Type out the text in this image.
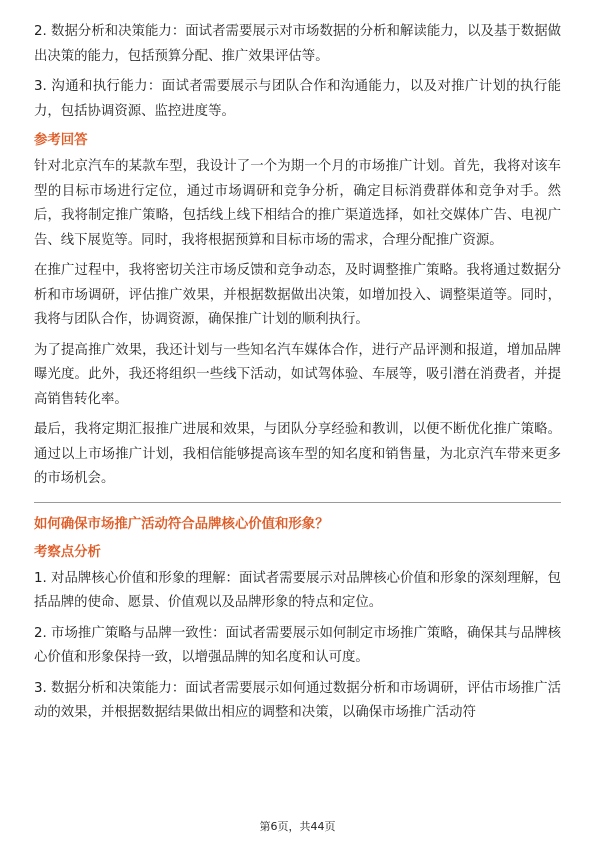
2. 数据分析和决策能力：面试者需要展示对市场数据的分析和解读能力，以及基于数据做出决策的能力，包括预算分配、推广效果评估等。

3. 沟通和执行能力：面试者需要展示与团队合作和沟通能力，以及对推广计划的执行能力，包括协调资源、监控进度等。

参考回答

针对北京汽车的某款车型，我设计了一个为期一个月的市场推广计划。首先，我将对该车型的目标市场进行定位，通过市场调研和竞争分析，确定目标消费群体和竞争对手。然后，我将制定推广策略，包括线上线下相结合的推广渠道选择，如社交媒体广告、电视广告、线下展览等。同时，我将根据预算和目标市场的需求，合理分配推广资源。

在推广过程中，我将密切关注市场反馈和竞争动态，及时调整推广策略。我将通过数据分析和市场调研，评估推广效果，并根据数据做出决策，如增加投入、调整渠道等。同时，我将与团队合作，协调资源，确保推广计划的顺利执行。

为了提高推广效果，我还计划与一些知名汽车媒体合作，进行产品评测和报道，增加品牌曝光度。此外，我还将组织一些线下活动，如试驾体验、车展等，吸引潜在消费者，并提高销售转化率。

最后，我将定期汇报推广进展和效果，与团队分享经验和教训，以便不断优化推广策略。通过以上市场推广计划，我相信能够提高该车型的知名度和销售量，为北京汽车带来更多的市场机会。

如何确保市场推广活动符合品牌核心价值和形象？
考察点分析

1. 对品牌核心价值和形象的理解：面试者需要展示对品牌核心价值和形象的深刻理解，包括品牌的使命、愿景、价值观以及品牌形象的特点和定位。

2. 市场推广策略与品牌一致性：面试者需要展示如何制定市场推广策略，确保其与品牌核心价值和形象保持一致，以增强品牌的知名度和认可度。

3. 数据分析和决策能力：面试者需要展示如何通过数据分析和市场调研，评估市场推广活动的效果，并根据数据结果做出相应的调整和决策，以确保市场推广活动符

第6页，共44页
